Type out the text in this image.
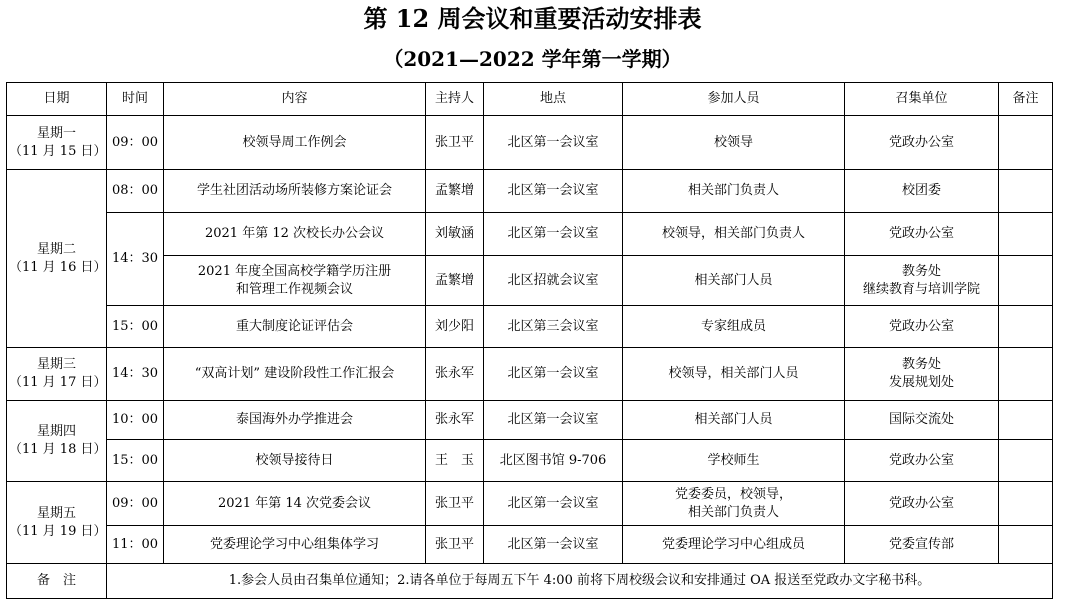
第 12 周会议和重要活动安排表
（2021—2022 学年第一学期）
日期	时间	内容	主持人	地点	参加人员	召集单位	备注
星期一
（11 月 15 日）	09：00	校领导周工作例会	张卫平	北区第一会议室	校领导	党政办公室	
星期二
（11 月 16 日）	08：00	学生社团活动场所装修方案论证会	孟繁增	北区第一会议室	相关部门负责人	校团委	
	14：30	2021 年第 12 次校长办公会议	刘敏涵	北区第一会议室	校领导，相关部门负责人	党政办公室	
		2021 年度全国高校学籍学历注册
和管理工作视频会议	孟繁增	北区招就会议室	相关部门人员	教务处
继续教育与培训学院	
	15：00	重大制度论证评估会	刘少阳	北区第三会议室	专家组成员	党政办公室	
星期三
（11 月 17 日）	14：30	“双高计划” 建设阶段性工作汇报会	张永军	北区第一会议室	校领导，相关部门人员	教务处
发展规划处	
星期四
（11 月 18 日）	10：00	泰国海外办学推进会	张永军	北区第一会议室	相关部门人员	国际交流处	
	15：00	校领导接待日	王　玉	北区图书馆 9-706	学校师生	党政办公室	
星期五
（11 月 19 日）	09：00	2021 年第 14 次党委会议	张卫平	北区第一会议室	党委委员，校领导，
相关部门负责人	党政办公室	
	11：00	党委理论学习中心组集体学习	张卫平	北区第一会议室	党委理论学习中心组成员	党委宣传部	
备　注	1.参会人员由召集单位通知；2.请各单位于每周五下午 4:00 前将下周校级会议和安排通过 OA 报送至党政办文字秘书科。						
